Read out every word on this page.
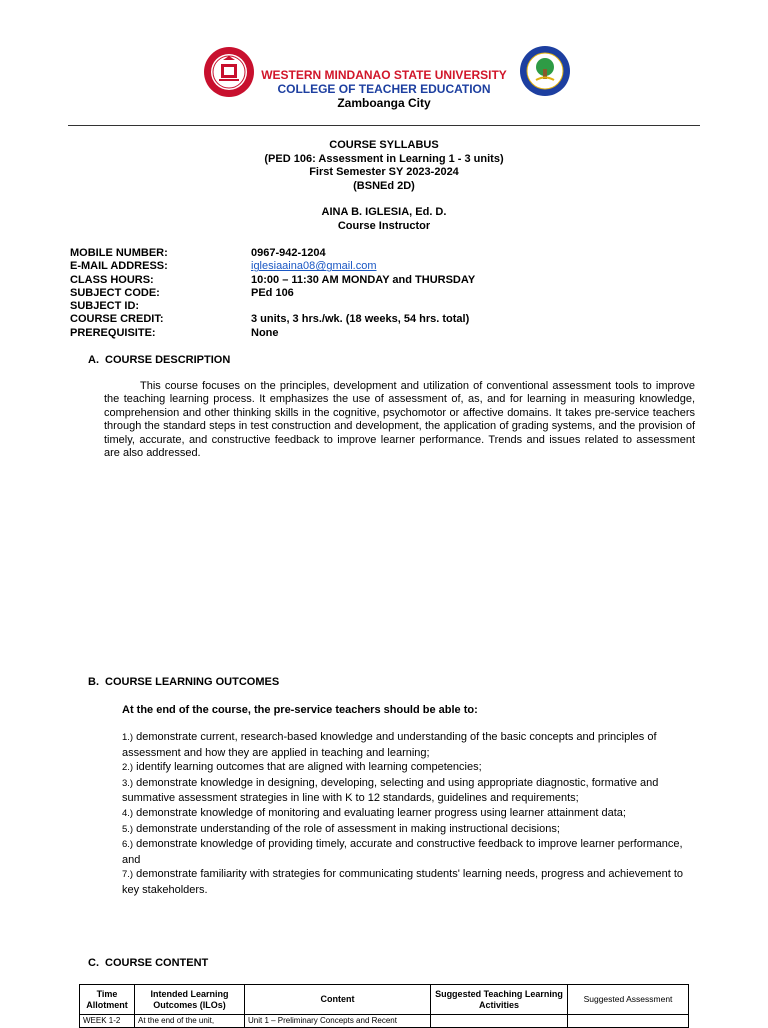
WESTERN MINDANAO STATE UNIVERSITY
COLLEGE OF TEACHER EDUCATION
Zamboanga City
COURSE SYLLABUS
(PED 106: Assessment in Learning 1 - 3 units)
First Semester SY 2023-2024
(BSNEd 2D)
AINA B. IGLESIA, Ed. D.
Course Instructor
MOBILE NUMBER:	0967-942-1204
E-MAIL ADDRESS:	iglesiaaina08@gmail.com
CLASS HOURS:	10:00 – 11:30 AM MONDAY and THURSDAY
SUBJECT CODE:	PEd 106
SUBJECT ID:
COURSE CREDIT:	3 units, 3 hrs./wk. (18 weeks, 54 hrs. total)
PREREQUISITE:	None
A. COURSE DESCRIPTION

This course focuses on the principles, development and utilization of conventional assessment tools to improve the teaching learning process. It emphasizes the use of assessment of, as, and for learning in measuring knowledge, comprehension and other thinking skills in the cognitive, psychomotor or affective domains. It takes pre-service teachers through the standard steps in test construction and development, the application of grading systems, and the provision of timely, accurate, and constructive feedback to improve learner performance. Trends and issues related to assessment are also addressed.

B. COURSE LEARNING OUTCOMES
At the end of the course, the pre-service teachers should be able to:

1.) demonstrate current, research-based knowledge and understanding of the basic concepts and principles of assessment and how they are applied in teaching and learning;

2.) identify learning outcomes that are aligned with learning competencies;

3.) demonstrate knowledge in designing, developing, selecting and using appropriate diagnostic, formative and summative assessment strategies in line with K to 12 standards, guidelines and requirements;

4.) demonstrate knowledge of monitoring and evaluating learner progress using learner attainment data;

5.) demonstrate understanding of the role of assessment in making instructional decisions;

6.) demonstrate knowledge of providing timely, accurate and constructive feedback to improve learner performance, and

7.) demonstrate familiarity with strategies for communicating students' learning needs, progress and achievement to key stakeholders.

C. COURSE CONTENT
Time Allotment	Intended Learning Outcomes (ILOs)	Content	Suggested Teaching Learning Activities	Suggested Assessment
WEEK 1-2	At the end of the unit,	Unit 1 – Preliminary Concepts and Recent		
